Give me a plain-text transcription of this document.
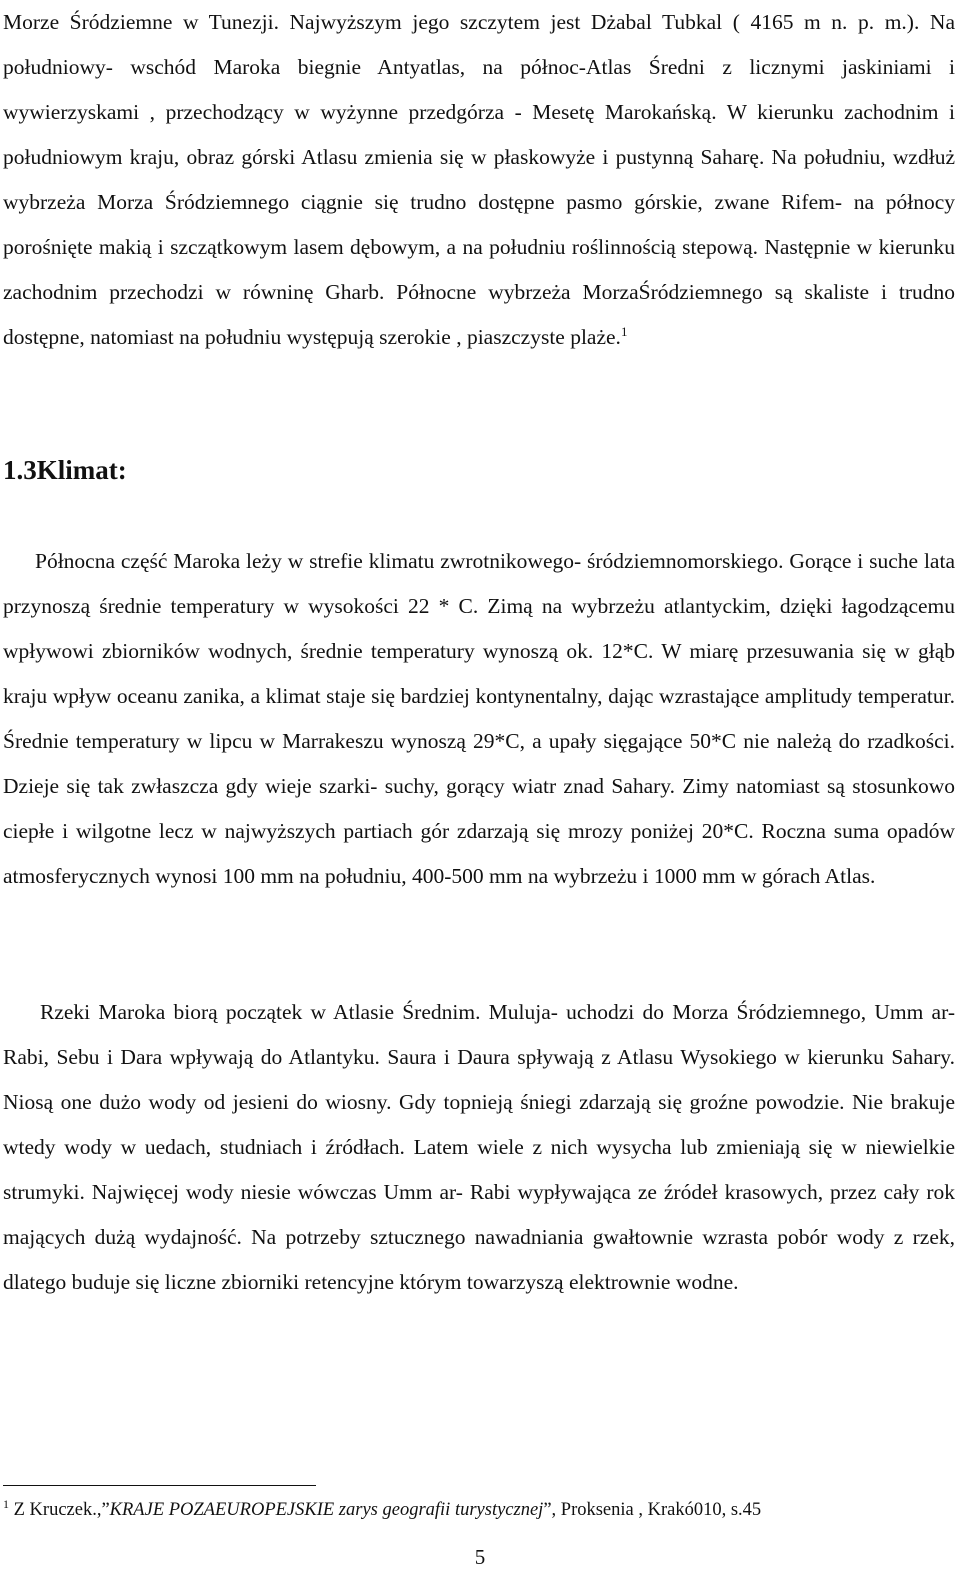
Morze Śródziemne w Tunezji. Najwyższym jego szczytem jest Dżabal Tubkal ( 4165 m n. p. m.). Na południowy- wschód Maroka biegnie Antyatlas, na północ-Atlas Średni z licznymi jaskiniami i wywierzyskami , przechodzący w wyżynne przedgórza - Mesetę Marokańską. W kierunku zachodnim i południowym kraju, obraz górski Atlasu zmienia się w płaskowyże i pustynną Saharę. Na południu, wzdłuż wybrzeża Morza Śródziemnego ciągnie się trudno dostępne pasmo górskie, zwane Rifem- na północy porośnięte makią i szczątkowym lasem dębowym, a na południu roślinnością stepową. Następnie w kierunku zachodnim przechodzi w równinę Gharb. Północne wybrzeża MorzaŚródziemnego są skaliste i trudno dostępne, natomiast na południu występują szerokie , piaszczyste plaże.$^1$

1.3Klimat:

Północna część Maroka leży w strefie klimatu zwrotnikowego- śródziemnomorskiego. Gorące i suche lata przynoszą średnie temperatury w wysokości 22 * C. Zimą na wybrzeżu atlantyckim, dzięki łagodzącemu wpływowi zbiorników wodnych, średnie temperatury wynoszą ok. 12*C. W miarę przesuwania się w głąb kraju wpływ oceanu zanika, a klimat staje się bardziej kontynentalny, dając wzrastające amplitudy temperatur. Średnie temperatury w lipcu w Marrakeszu wynoszą 29*C, a upały sięgające 50*C nie należą do rzadkości. Dzieje się tak zwłaszcza gdy wieje szarki- suchy, gorący wiatr znad Sahary. Zimy natomiast są stosunkowo ciepłe i wilgotne lecz w najwyższych partiach gór zdarzają się mrozy poniżej 20*C. Roczna suma opadów atmosferycznych wynosi 100 mm na południu, 400-500 mm na wybrzeżu i 1000 mm w górach Atlas.

Rzeki Maroka biorą początek w Atlasie Średnim. Muluja- uchodzi do Morza Śródziemnego, Umm ar- Rabi, Sebu i Dara wpływają do Atlantyku. Saura i Daura spływają z Atlasu Wysokiego w kierunku Sahary. Niosą one dużo wody od jesieni do wiosny. Gdy topnieją śniegi zdarzają się groźne powodzie. Nie brakuje wtedy wody w uedach, studniach i źródłach. Latem wiele z nich wysycha lub zmieniają się w niewielkie strumyki. Najwięcej wody niesie wówczas Umm ar- Rabi wypływająca ze źródeł krasowych, przez cały rok mających dużą wydajność. Na potrzeby sztucznego nawadniania gwałtownie wzrasta pobór wody z rzek, dlatego buduje się liczne zbiorniki retencyjne którym towarzyszą elektrownie wodne.

$^1$ Z Kruczek.,”KRAJE POZAEUROPEJSKIE zarys geografii turystycznej”, Proksenia , Krakó010, s.45

5
